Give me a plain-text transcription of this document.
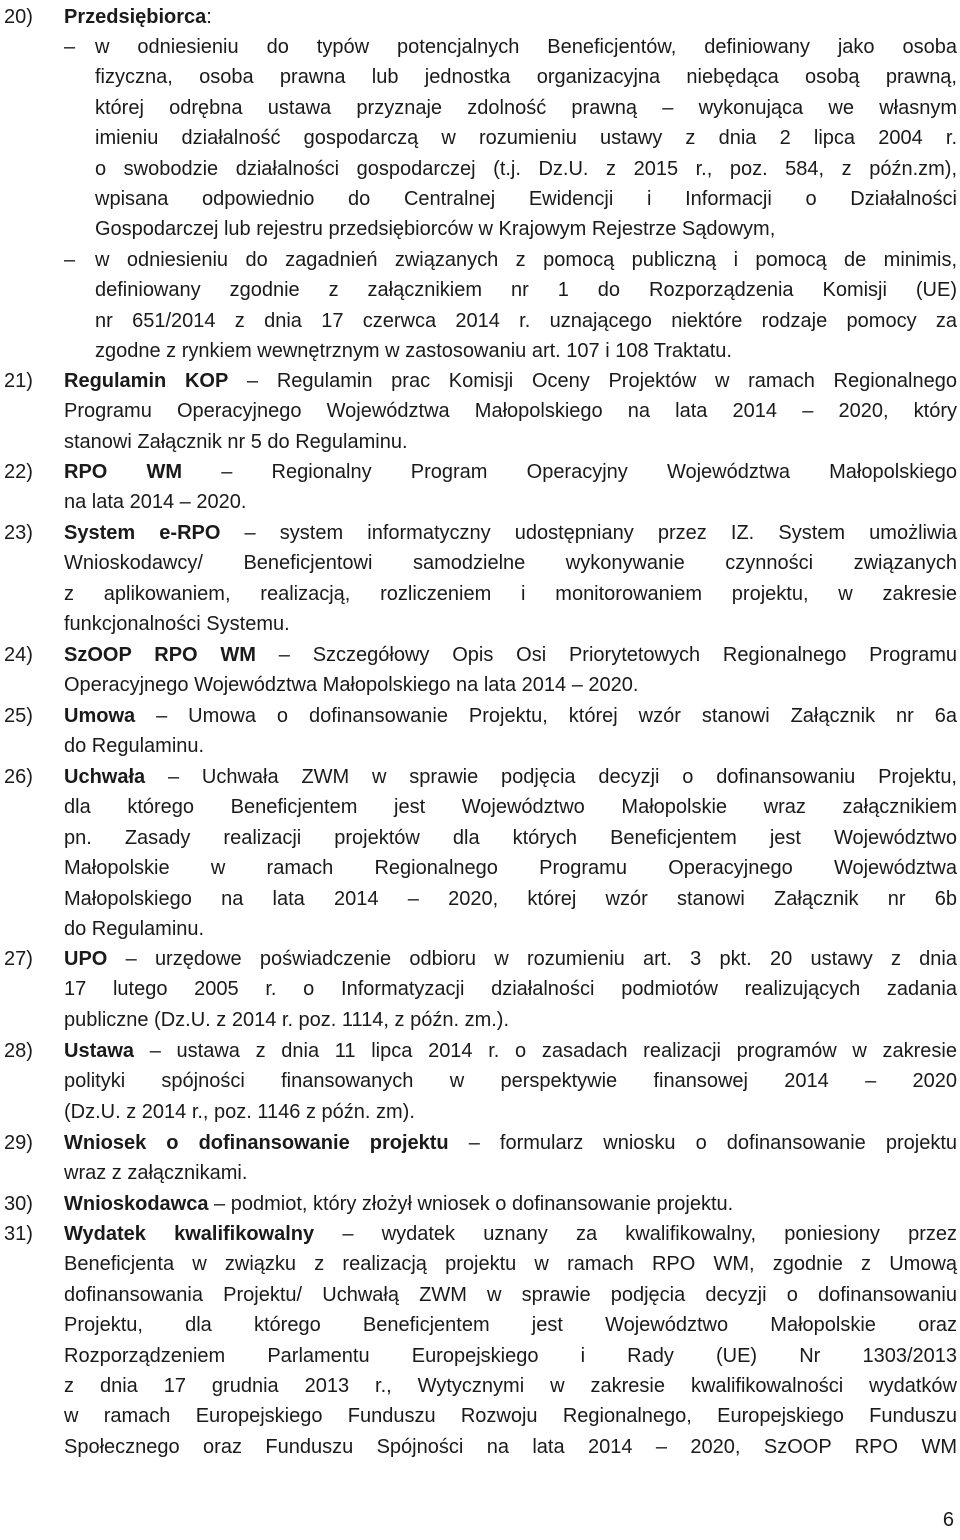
20)	Przedsiębiorca:
– w odniesieniu do typów potencjalnych Beneficjentów, definiowany jako osoba
fizyczna, osoba prawna lub jednostka organizacyjna niebędąca osobą prawną,
której odrębna ustawa przyznaje zdolność prawną – wykonująca we własnym
imieniu działalność gospodarczą w rozumieniu ustawy z dnia 2 lipca 2004 r.
o swobodzie działalności gospodarczej (t.j. Dz.U. z 2015 r., poz. 584, z późn.zm),
wpisana odpowiednio do Centralnej Ewidencji i Informacji o Działalności
Gospodarczej lub rejestru przedsiębiorców w Krajowym Rejestrze Sądowym,
– w odniesieniu do zagadnień związanych z pomocą publiczną i pomocą de minimis,
definiowany zgodnie z załącznikiem nr 1 do Rozporządzenia Komisji (UE)
nr 651/2014 z dnia 17 czerwca 2014 r. uznającego niektóre rodzaje pomocy za
zgodne z rynkiem wewnętrznym w zastosowaniu art. 107 i 108 Traktatu.
21)	Regulamin KOP – Regulamin prac Komisji Oceny Projektów w ramach Regionalnego
Programu Operacyjnego Województwa Małopolskiego na lata 2014 – 2020, który
stanowi Załącznik nr 5 do Regulaminu.
22)	RPO WM – Regionalny Program Operacyjny Województwa Małopolskiego
na lata 2014 – 2020.
23)	System e-RPO – system informatyczny udostępniany przez IZ. System umożliwia
Wnioskodawcy/ Beneficjentowi samodzielne wykonywanie czynności związanych
z aplikowaniem, realizacją, rozliczeniem i monitorowaniem projektu, w zakresie
funkcjonalności Systemu.
24)	SzOOP RPO WM – Szczegółowy Opis Osi Priorytetowych Regionalnego Programu
Operacyjnego Województwa Małopolskiego na lata 2014 – 2020.
25)	Umowa – Umowa o dofinansowanie Projektu, której wzór stanowi Załącznik nr 6a
do Regulaminu.
26)	Uchwała – Uchwała ZWM w sprawie podjęcia decyzji o dofinansowaniu Projektu,
dla którego Beneficjentem jest Województwo Małopolskie wraz załącznikiem
pn. Zasady realizacji projektów dla których Beneficjentem jest Województwo
Małopolskie w ramach Regionalnego Programu Operacyjnego Województwa
Małopolskiego na lata 2014 – 2020, której wzór stanowi Załącznik nr 6b
do Regulaminu.
27)	UPO – urzędowe poświadczenie odbioru w rozumieniu art. 3 pkt. 20 ustawy z dnia
17 lutego 2005 r. o Informatyzacji działalności podmiotów realizujących zadania
publiczne (Dz.U. z 2014 r. poz. 1114, z późn. zm.).
28)	Ustawa – ustawa z dnia 11 lipca 2014 r. o zasadach realizacji programów w zakresie
polityki spójności finansowanych w perspektywie finansowej 2014 – 2020
(Dz.U. z 2014 r., poz. 1146 z późn. zm).
29)	Wniosek o dofinansowanie projektu – formularz wniosku o dofinansowanie projektu
wraz z załącznikami.
30)	Wnioskodawca – podmiot, który złożył wniosek o dofinansowanie projektu.
31)	Wydatek kwalifikowalny – wydatek uznany za kwalifikowalny, poniesiony przez
Beneficjenta w związku z realizacją projektu w ramach RPO WM, zgodnie z Umową
dofinansowania Projektu/ Uchwałą ZWM w sprawie podjęcia decyzji o dofinansowaniu
Projektu, dla którego Beneficjentem jest Województwo Małopolskie oraz
Rozporządzeniem Parlamentu Europejskiego i Rady (UE) Nr 1303/2013
z dnia 17 grudnia 2013 r., Wytycznymi w zakresie kwalifikowalności wydatków
w ramach Europejskiego Funduszu Rozwoju Regionalnego, Europejskiego Funduszu
Społecznego oraz Funduszu Spójności na lata 2014 – 2020, SzOOP RPO WM
6
